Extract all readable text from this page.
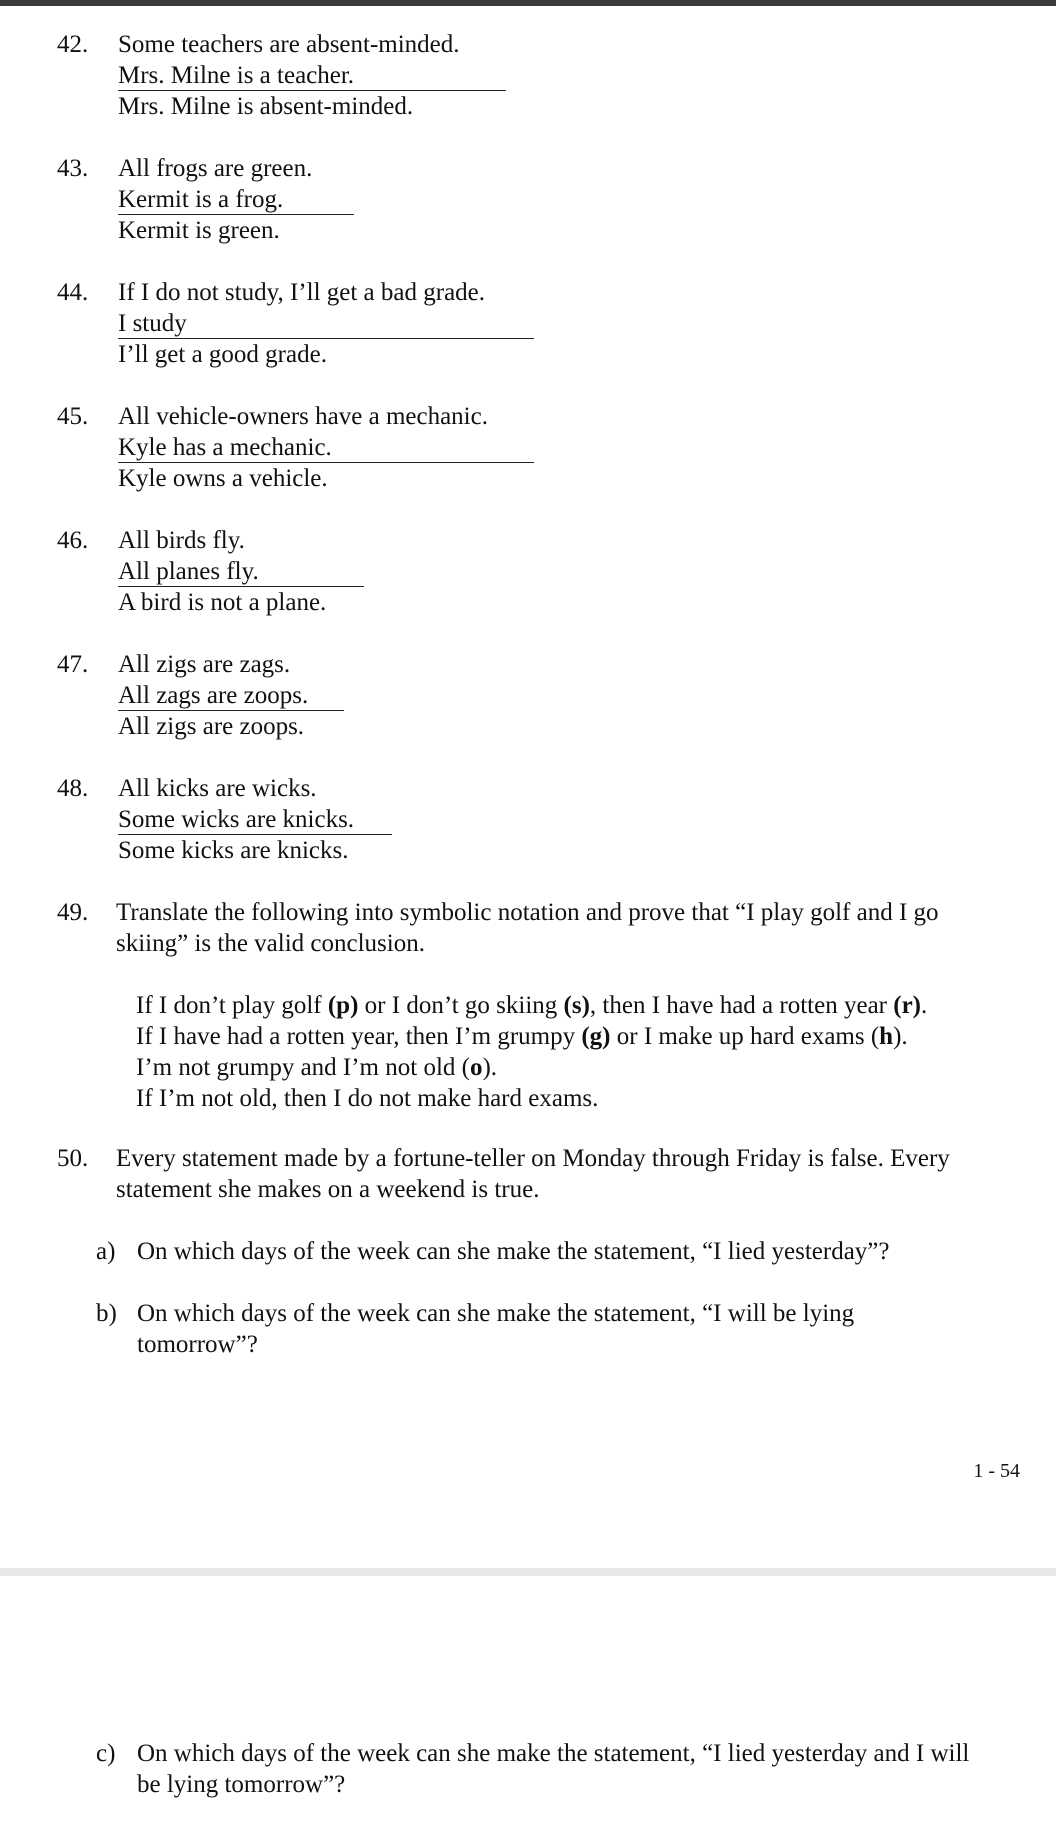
42. Some teachers are absent-minded.
Mrs. Milne is a teacher.
Mrs. Milne is absent-minded.
43. All frogs are green.
Kermit is a frog.
Kermit is green.
44. If I do not study, I’ll get a bad grade.
I study
I’ll get a good grade.
45. All vehicle-owners have a mechanic.
Kyle has a mechanic.
Kyle owns a vehicle.
46. All birds fly.
All planes fly.
A bird is not a plane.
47. All zigs are zags.
All zags are zoops.
All zigs are zoops.
48. All kicks are wicks.
Some wicks are knicks.
Some kicks are knicks.
49. Translate the following into symbolic notation and prove that “I play golf and I go skiing” is the valid conclusion.
If I don’t play golf (p) or I don’t go skiing (s), then I have had a rotten year (r).
If I have had a rotten year, then I’m grumpy (g) or I make up hard exams (h).
I’m not grumpy and I’m not old (o).
If I’m not old, then I do not make hard exams.
50. Every statement made by a fortune-teller on Monday through Friday is false. Every statement she makes on a weekend is true.
a) On which days of the week can she make the statement, “I lied yesterday”?
b) On which days of the week can she make the statement, “I will be lying tomorrow”?
1 - 54
c) On which days of the week can she make the statement, “I lied yesterday and I will be lying tomorrow”?
